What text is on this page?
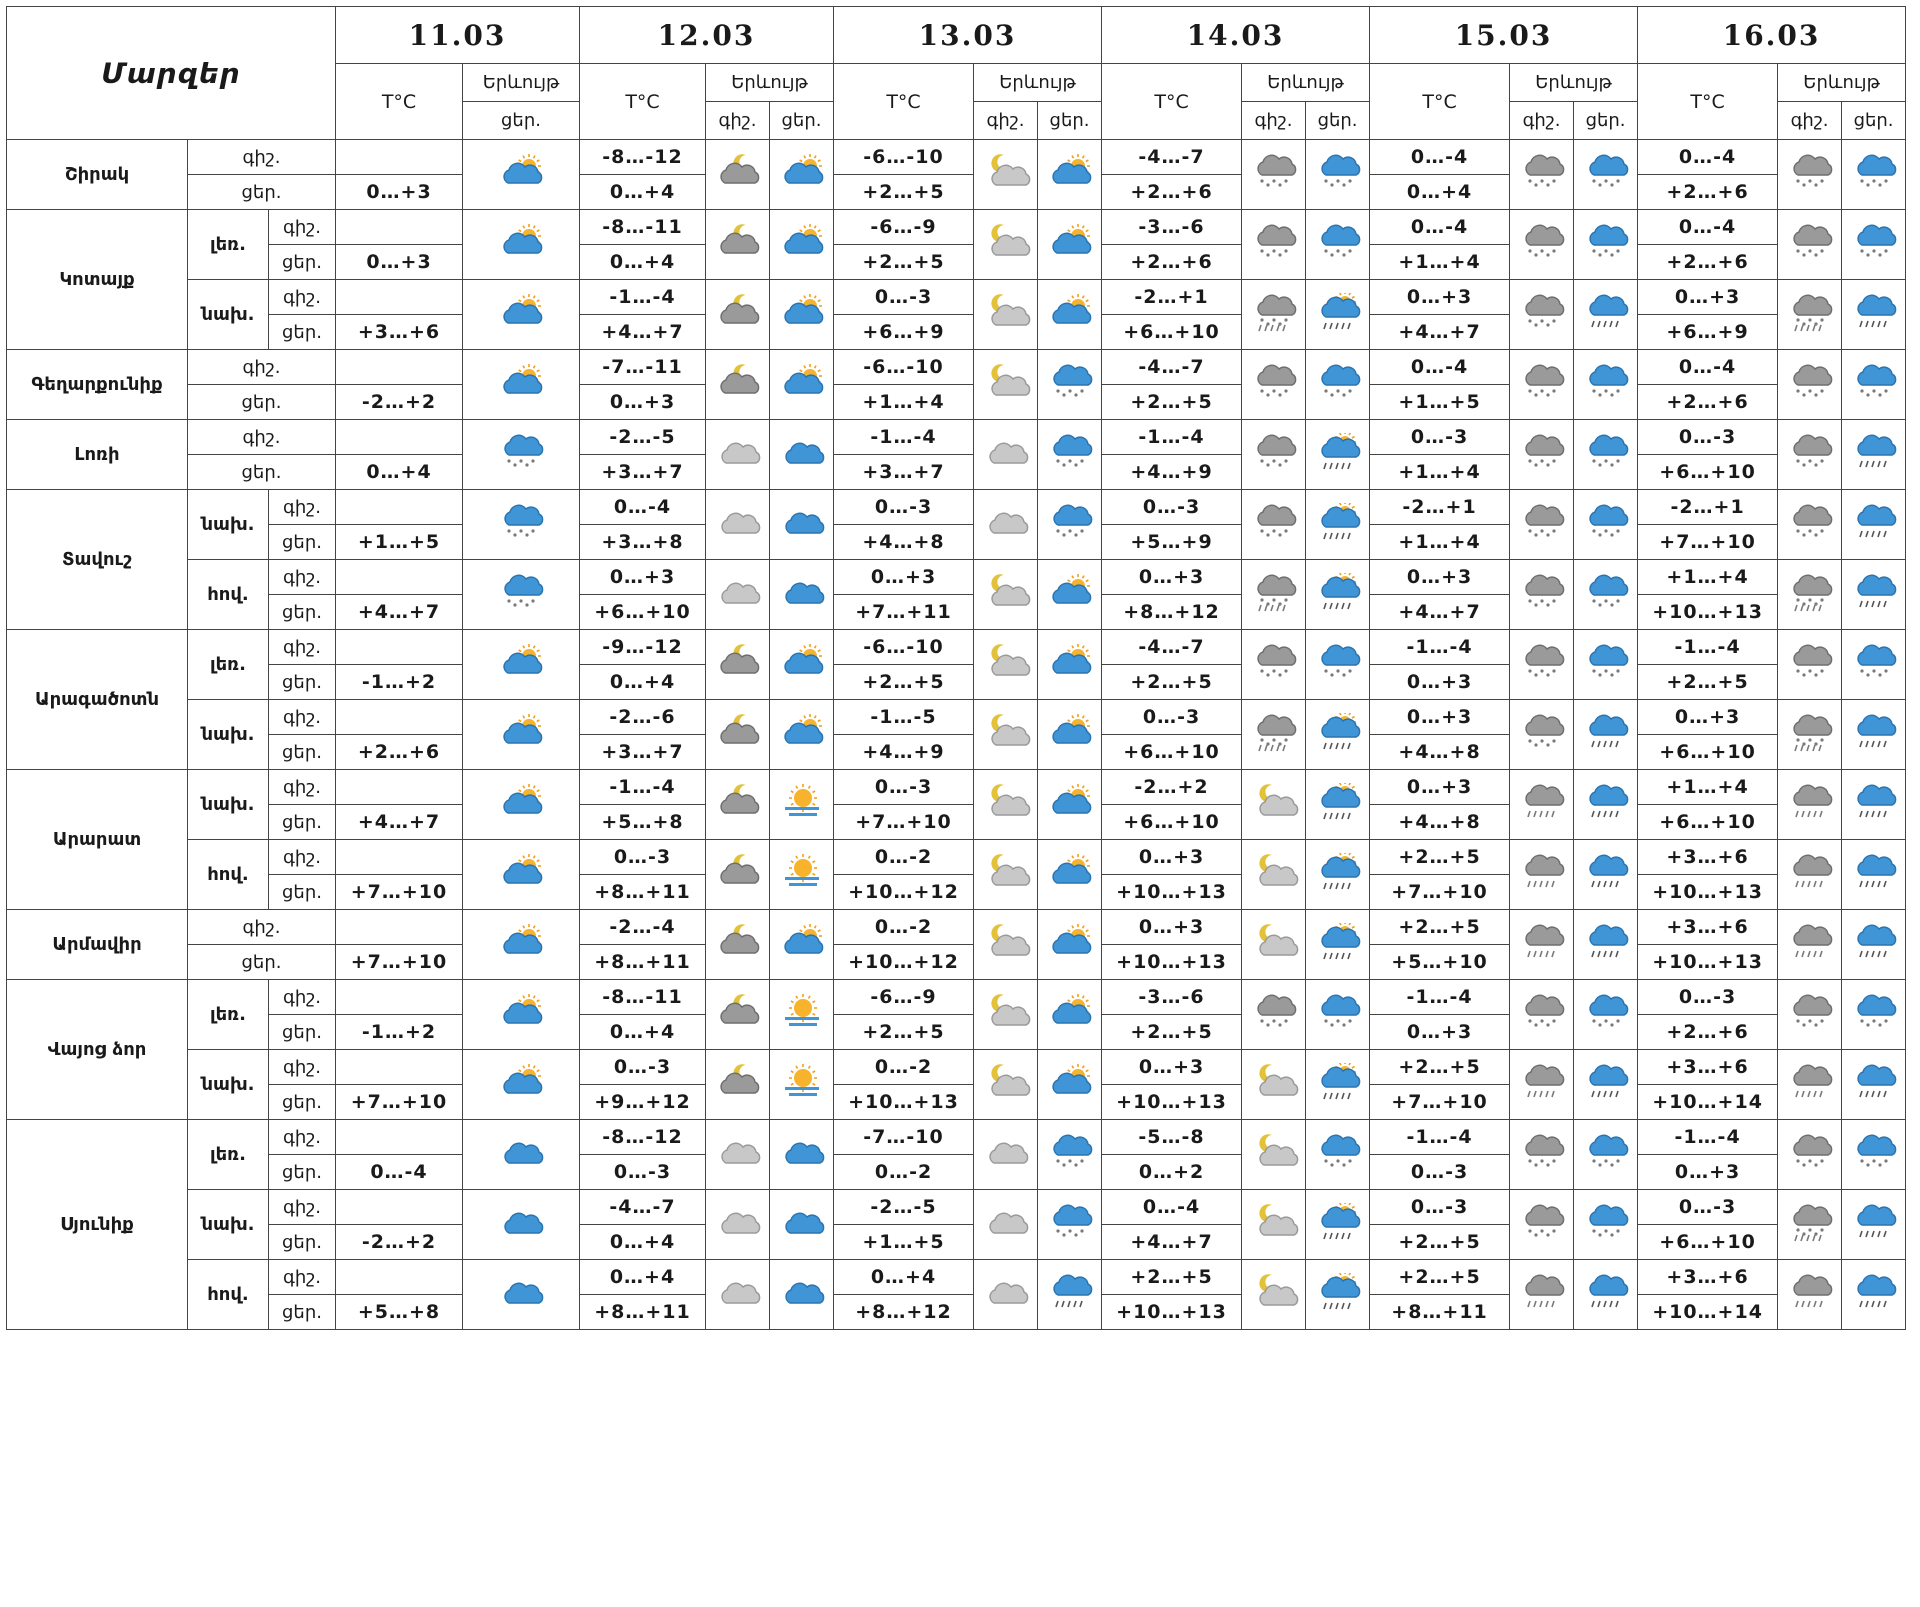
Մարզեր			11.03		12.03			13.03			14.03			15.03			16.03		
			T°C	Երևույթ	T°C	Երևույթ		T°C	Երևույթ		T°C	Երևույթ		T°C	Երևույթ		T°C	Երևույթ	
				ցեր.		գիշ.	ցեր.		գիշ.	ցեր.		գիշ.	ցեր.		գիշ.	ցեր.		գիշ.	ցեր.
Շիրակ	գիշ.				-8…-12			-6…-10			-4…-7			0…-4			0…-4	

	ցեր.		0…+3		0…+4			+2…+5			+2…+6			0…+4			+2…+6		
Կոտայք	լեռ.	գիշ.			-8…-11			-6…-9			-3…-6			0…-4			0…-4	

		ցեր.	0…+3		0…+4			+2…+5			+2…+6			+1…+4			+2…+6		
	նախ.	գիշ.			-1…-4			0…-3			-2…+1			0…+3			0…+3	

		ցեր.	+3…+6		+4…+7			+6…+9			+6…+10			+4…+7			+6…+9		
Գեղարքունիք	գիշ.				-7…-11			-6…-10			-4…-7			0…-4			0…-4	

	ցեր.		-2…+2		0…+3			+1…+4			+2…+5			+1…+5			+2…+6		
Լոռի	գիշ.				-2…-5			-1…-4			-1…-4			0…-3			0…-3	

	ցեր.		0…+4		+3…+7			+3…+7			+4…+9			+1…+4			+6…+10		
Տավուշ	նախ.	գիշ.			0…-4			0…-3			0…-3			-2…+1			-2…+1	

		ցեր.	+1…+5		+3…+8			+4…+8			+5…+9			+1…+4			+7…+10		
	հով.	գիշ.			0…+3			0…+3			0…+3			0…+3			+1…+4	

		ցեր.	+4…+7		+6…+10			+7…+11			+8…+12			+4…+7			+10…+13		
Արագածոտն	լեռ.	գիշ.			-9…-12			-6…-10			-4…-7			-1…-4			-1…-4	

		ցեր.	-1…+2		0…+4			+2…+5			+2…+5			0…+3			+2…+5		
	նախ.	գիշ.			-2…-6			-1…-5			0…-3			0…+3			0…+3	

		ցեր.	+2…+6		+3…+7			+4…+9			+6…+10			+4…+8			+6…+10		
Արարատ	նախ.	գիշ.			-1…-4			0…-3			-2…+2			0…+3			+1…+4	

		ցեր.	+4…+7		+5…+8			+7…+10			+6…+10			+4…+8			+6…+10		
	հով.	գիշ.			0…-3			0…-2			0…+3			+2…+5			+3…+6	

		ցեր.	+7…+10		+8…+11			+10…+12			+10…+13			+7…+10			+10…+13		
Արմավիր	գիշ.				-2…-4			0…-2			0…+3			+2…+5			+3…+6	

	ցեր.		+7…+10		+8…+11			+10…+12			+10…+13			+5…+10			+10…+13		
Վայոց ձոր	լեռ.	գիշ.			-8…-11			-6…-9			-3…-6			-1…-4			0…-3	

		ցեր.	-1…+2		0…+4			+2…+5			+2…+5			0…+3			+2…+6		
	նախ.	գիշ.			0…-3			0…-2			0…+3			+2…+5			+3…+6	

		ցեր.	+7…+10		+9…+12			+10…+13			+10…+13			+7…+10			+10…+14		
Սյունիք	լեռ.	գիշ.			-8…-12			-7…-10			-5…-8			-1…-4			-1…-4	

		ցեր.	0…-4		0…-3			0…-2			0…+2			0…-3			0…+3		
	նախ.	գիշ.			-4…-7			-2…-5			0…-4			0…-3			0…-3	

		ցեր.	-2…+2		0…+4			+1…+5			+4…+7			+2…+5			+6…+10		
	հով.	գիշ.			0…+4			0…+4			+2…+5			+2…+5			+3…+6	

		ցեր.	+5…+8		+8…+11			+8…+12			+10…+13			+8…+11			+10…+14		
